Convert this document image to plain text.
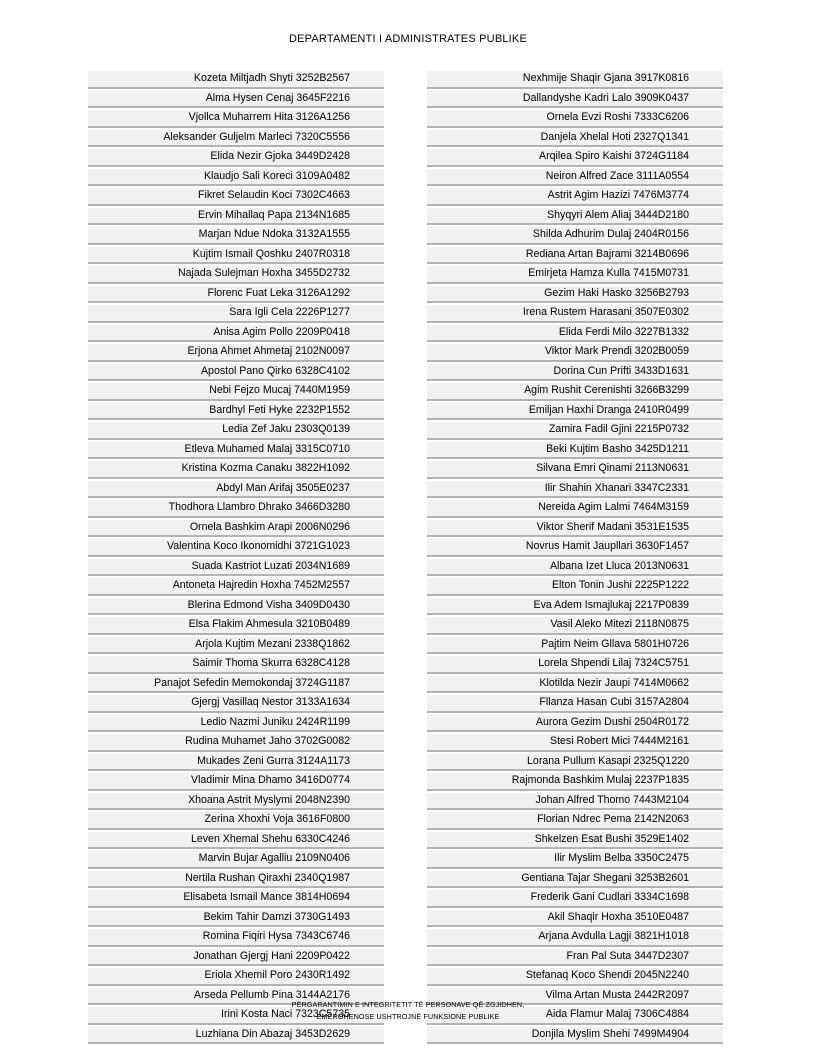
DEPARTAMENTI I ADMINISTRATES PUBLIKE
Kozeta Miltjadh Shyti 3252B2567
Alma Hysen Cenaj 3645F2216
Vjollca Muharrem Hita 3126A1256
Aleksander Guljelm Marleci 7320C5556
Elida Nezir Gjoka 3449D2428
Klaudjo Sali Koreci 3109A0482
Fikret Selaudin Koci 7302C4663
Ervin Mihallaq Papa 2134N1685
Marjan Ndue Ndoka 3132A1555
Kujtim Ismail Qoshku 2407R0318
Najada Sulejman Hoxha 3455D2732
Florenc Fuat Leka 3126A1292
Sara Igli Cela 2226P1277
Anisa Agim Pollo 2209P0418
Erjona Ahmet Ahmetaj 2102N0097
Apostol Pano Qirko 6328C4102
Nebi Fejzo Mucaj 7440M1959
Bardhyl Feti Hyke 2232P1552
Ledia Zef Jaku 2303Q0139
Etleva Muhamed Malaj 3315C0710
Kristina Kozma Canaku 3822H1092
Abdyl Man Arifaj 3505E0237
Thodhora Llambro Dhrako 3466D3280
Ornela Bashkim Arapi 2006N0296
Valentina Koco Ikonomidhi 3721G1023
Suada Kastriot Luzati 2034N1689
Antoneta Hajredin Hoxha 7452M2557
Blerina Edmond Visha 3409D0430
Elsa Flakim Ahmesula 3210B0489
Arjola Kujtim Mezani 2338Q1862
Saimir Thoma Skurra 6328C4128
Panajot Sefedin Memokondaj 3724G1187
Gjergj Vasillaq Nestor 3133A1634
Ledio Nazmi Juniku 2424R1199
Rudina Muhamet Jaho 3702G0082
Mukades Zeni Gurra 3124A1173
Vladimir Mina Dhamo 3416D0774
Xhoana Astrit Myslymi 2048N2390
Zerina Xhoxhi Voja 3616F0800
Leven Xhemal Shehu 6330C4246
Marvin Bujar Agalliu 2109N0406
Nertila Rushan Qiraxhi 2340Q1987
Elisabeta Ismail Mance 3814H0694
Bekim Tahir Damzi 3730G1493
Romina Fiqiri Hysa 7343C6746
Jonathan Gjergj Hani 2209P0422
Eriola Xhemil Poro 2430R1492
Arseda Pellumb Pina 3144A2176
Irini Kosta Naci 7323C5735
Luzhiana Din Abazaj 3453D2629
Nexhmije Shaqir Gjana 3917K0816
Dallandyshe Kadri Lalo 3909K0437
Ornela Evzi Roshi 7333C6206
Danjela Xhelal Hoti 2327Q1341
Arqilea Spiro Kaishi 3724G1184
Neiron Alfred Zace 3111A0554
Astrit Agim Hazizi 7476M3774
Shyqyri Alem Aliaj 3444D2180
Shilda Adhurim Dulaj 2404R0156
Rediana Artan Bajrami 3214B0696
Emirjeta Hamza Kulla 7415M0731
Gezim Haki Hasko 3256B2793
Irena Rustem Harasani 3507E0302
Elida Ferdi Milo 3227B1332
Viktor Mark Prendi 3202B0059
Dorina Cun Prifti 3433D1631
Agim Rushit Cerenishti 3266B3299
Emiljan Haxhi Dranga 2410R0499
Zamira Fadil Gjini 2215P0732
Beki Kujtim Basho 3425D1211
Silvana Emri Qinami 2113N0631
Ilir Shahin Xhanari 3347C2331
Nereida Agim Lalmi 7464M3159
Viktor Sherif Madani 3531E1535
Novrus Hamit Jaupllari 3630F1457
Albana Izet Lluca 2013N0631
Elton Tonin Jushi 2225P1222
Eva Adem Ismajlukaj 2217P0839
Vasil Aleko Mitezi 2118N0875
Pajtim Neim Gllava 5801H0726
Lorela Shpendi Lilaj 7324C5751
Klotilda Nezir Jaupi 7414M0662
Fllanza Hasan Cubi 3157A2804
Aurora Gezim Dushi 2504R0172
Stesi Robert Mici 7444M2161
Lorana Pullum Kasapi 2325Q1220
Rajmonda Bashkim Mulaj 2237P1835
Johan Alfred Thomo 7443M2104
Florian Ndrec Pema 2142N2063
Shkelzen Esat Bushi 3529E1402
Ilir Myslim Belba 3350C2475
Gentiana Tajar Shegani 3253B2601
Frederik Gani Cudlari 3334C1698
Akil Shaqir Hoxha 3510E0487
Arjana Avdulla Lagji 3821H1018
Fran Pal Suta 3447D2307
Stefanaq Koco Shendi 2045N2240
Vilma Artan Musta 2442R2097
Aida Flamur Malaj 7306C4884
Donjila Myslim Shehi 7499M4904
PËRGARANTIMIN E INTEGRITETIT TË PERSONAVE QË ZGJIDHEN,
EMËROHENOSE USHTROJNË FUNKSIONE PUBLIKE
